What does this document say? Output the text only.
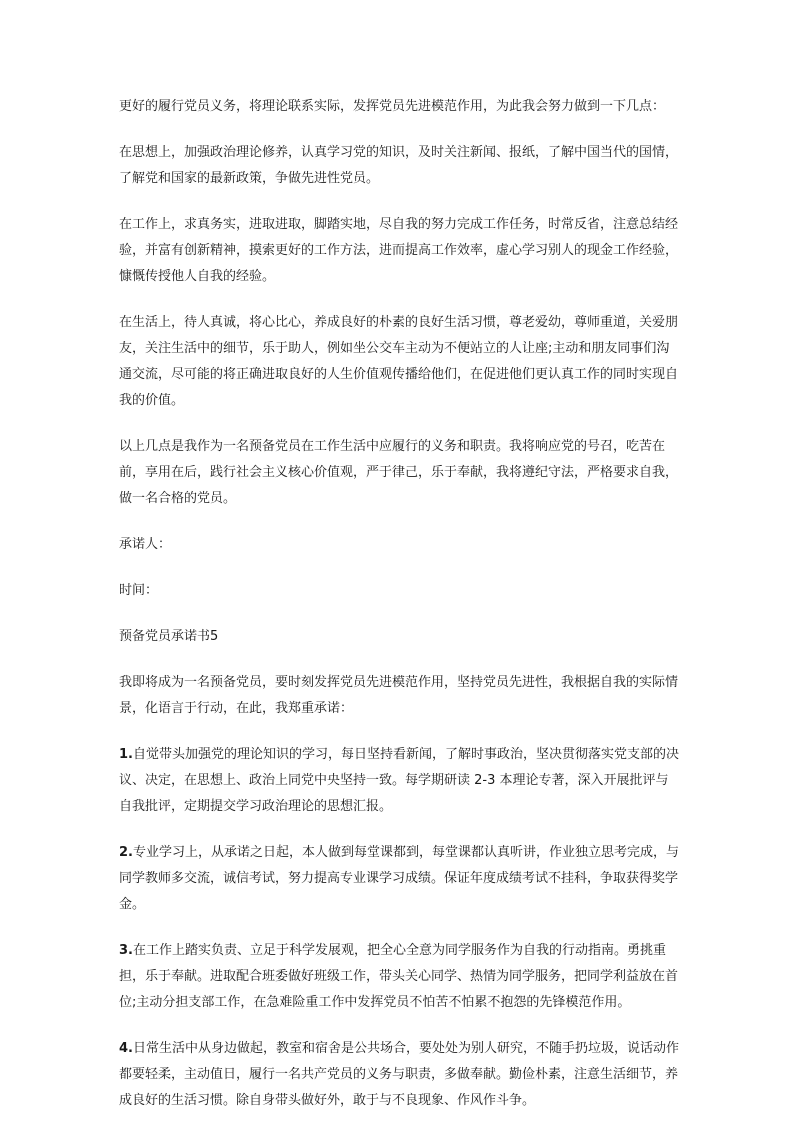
更好的履行党员义务，将理论联系实际，发挥党员先进模范作用，为此我会努力做到一下几点：

在思想上，加强政治理论修养，认真学习党的知识，及时关注新闻、报纸，了解中国当代的国情，了解党和国家的最新政策，争做先进性党员。

在工作上，求真务实，进取进取，脚踏实地，尽自我的努力完成工作任务，时常反省，注意总结经验，并富有创新精神，摸索更好的工作方法，进而提高工作效率，虚心学习别人的现金工作经验，慷慨传授他人自我的经验。

在生活上，待人真诚，将心比心，养成良好的朴素的良好生活习惯，尊老爱幼，尊师重道，关爱朋友，关注生活中的细节，乐于助人，例如坐公交车主动为不便站立的人让座;主动和朋友同事们沟通交流，尽可能的将正确进取良好的人生价值观传播给他们，在促进他们更认真工作的同时实现自我的价值。

以上几点是我作为一名预备党员在工作生活中应履行的义务和职责。我将响应党的号召，吃苦在前，享用在后，践行社会主义核心价值观，严于律己，乐于奉献，我将遵纪守法，严格要求自我，做一名合格的党员。

承诺人：

时间：

预备党员承诺书5

我即将成为一名预备党员，要时刻发挥党员先进模范作用，坚持党员先进性，我根据自我的实际情景，化语言于行动，在此，我郑重承诺：

1.自觉带头加强党的理论知识的学习，每日坚持看新闻，了解时事政治，坚决贯彻落实党支部的决议、决定，在思想上、政治上同党中央坚持一致。每学期研读 2-3 本理论专著，深入开展批评与自我批评，定期提交学习政治理论的思想汇报。

2.专业学习上，从承诺之日起，本人做到每堂课都到，每堂课都认真听讲，作业独立思考完成，与同学教师多交流，诚信考试，努力提高专业课学习成绩。保证年度成绩考试不挂科，争取获得奖学金。

3.在工作上踏实负责、立足于科学发展观，把全心全意为同学服务作为自我的行动指南。勇挑重担，乐于奉献。进取配合班委做好班级工作，带头关心同学、热情为同学服务，把同学利益放在首位;主动分担支部工作，在急难险重工作中发挥党员不怕苦不怕累不抱怨的先锋模范作用。

4.日常生活中从身边做起，教室和宿舍是公共场合，要处处为别人研究，不随手扔垃圾，说话动作都要轻柔，主动值日，履行一名共产党员的义务与职责，多做奉献。勤俭朴素，注意生活细节，养成良好的生活习惯。除自身带头做好外，敢于与不良现象、作风作斗争。
